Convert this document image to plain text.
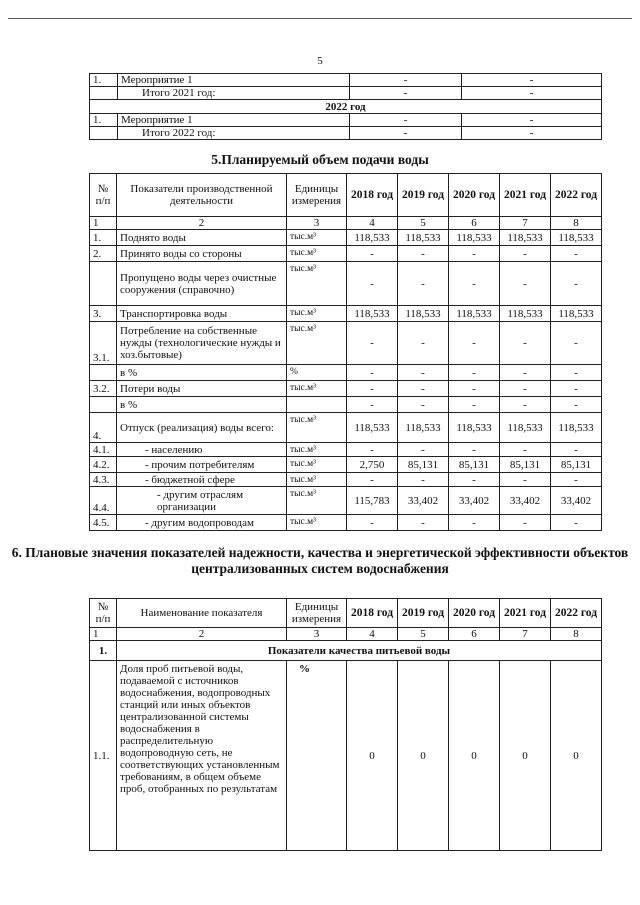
5
1.	Мероприятие 1	-	-
	Итого 2021 год:	-	-
2022 год			
1.	Мероприятие 1	-	-
	Итого 2022 год:	-	-
5.Планируемый объем подачи воды
№ п/п	Показатели производственной деятельности	Единицы измерения	2018 год	2019 год	2020 год	2021 год	2022 год
1	2	3	4	5	6	7	8
1.	Поднято воды	тыс.м³	118,533	118,533	118,533	118,533	118,533
2.	Принято воды со стороны	тыс.м³	-	-	-	-	-
	Пропущено воды через очистные сооружения (справочно)	тыс.м³	-	-	-	-	-
3.	Транспортировка воды	тыс.м³	118,533	118,533	118,533	118,533	118,533
3.1.	Потребление на собственные нужды (технологические нужды и хоз.бытовые)	тыс.м³	-	-	-	-	-
	в %	%	-	-	-	-	-
3.2.	Потери воды	тыс.м³	-	-	-	-	-
	в %		-	-	-	-	-
4.	Отпуск (реализация) воды всего:	тыс.м³	118,533	118,533	118,533	118,533	118,533
4.1.	- населению	тыс.м³	-	-	-	-	-
4.2.	- прочим потребителям	тыс.м³	2,750	85,131	85,131	85,131	85,131
4.3.	- бюджетной сфере	тыс.м³	-	-	-	-	-
4.4.	- другим отраслям организации	тыс.м³	115,783	33,402	33,402	33,402	33,402
4.5.	- другим водопроводам	тыс.м³	-	-	-	-	-
6. Плановые значения показателей надежности, качества и энергетической эффективности объектов централизованных систем водоснабжения
№ п/п	Наименование показателя	Единицы измерения	2018 год	2019 год	2020 год	2021 год	2022 год
1	2	3	4	5	6	7	8
1.	Показатели качества питьевой воды						
1.1.	Доля проб питьевой воды, подаваемой с источников водоснабжения, водопроводных станций или иных объектов централизованной системы водоснабжения в распределительную водопроводную сеть, не соответствующих установленным требованиям, в общем объеме проб, отобранных по результатам	%	0	0	0	0	0
